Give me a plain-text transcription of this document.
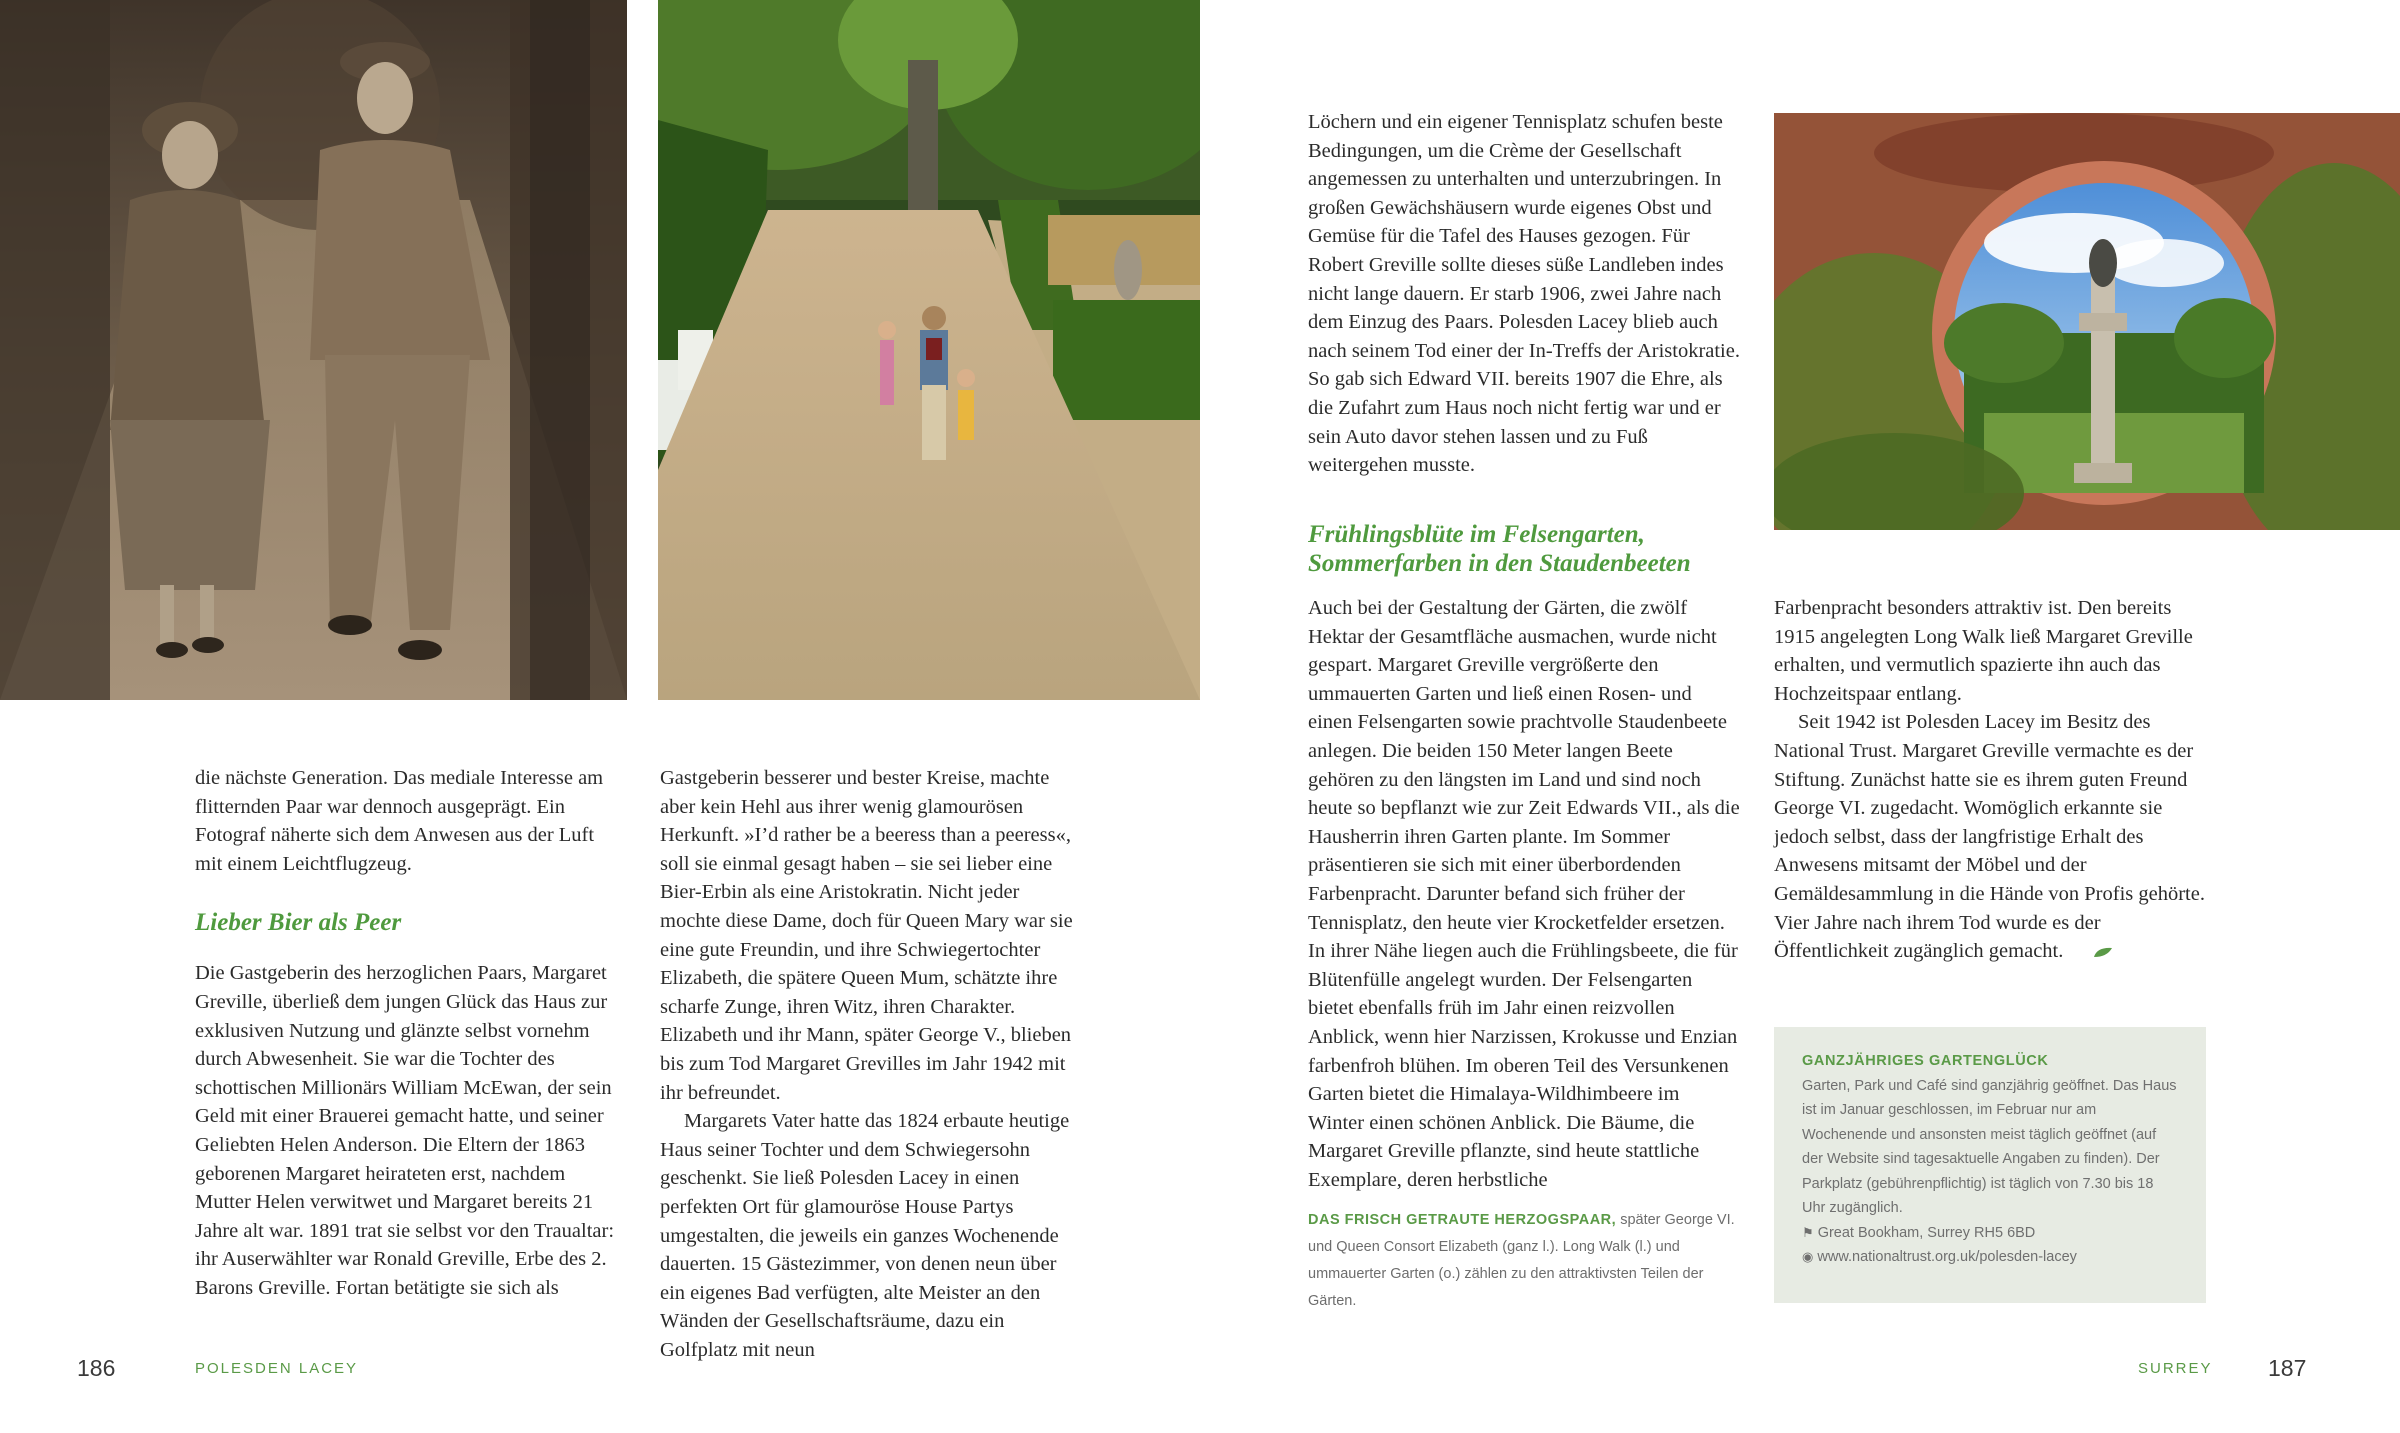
die nächste Generation. Das mediale Interesse am flitternden Paar war dennoch ausgeprägt. Ein Fotograf näherte sich dem Anwesen aus der Luft mit einem Leichtflugzeug.

Lieber Bier als Peer

Die Gastgeberin des herzoglichen Paars, Margaret Greville, überließ dem jungen Glück das Haus zur exklusiven Nutzung und glänzte selbst vornehm durch Abwesenheit. Sie war die Tochter des schottischen Millionärs William McEwan, der sein Geld mit einer Brauerei gemacht hatte, und seiner Geliebten Helen Anderson. Die Eltern der 1863 geborenen Margaret heirateten erst, nachdem Mutter Helen verwitwet und Margaret bereits 21 Jahre alt war. 1891 trat sie selbst vor den Traualtar: ihr Auserwählter war Ronald Greville, Erbe des 2. Barons Greville. Fortan betätigte sie sich als

Gastgeberin besserer und bester Kreise, machte aber kein Hehl aus ihrer wenig glamourösen Herkunft. »I’d rather be a beeress than a peeress«, soll sie einmal gesagt haben – sie sei lieber eine Bier-Erbin als eine Aristokratin. Nicht jeder mochte diese Dame, doch für Queen Mary war sie eine gute Freundin, und ihre Schwiegertochter Elizabeth, die spätere Queen Mum, schätzte ihre scharfe Zunge, ihren Witz, ihren Charakter. Elizabeth und ihr Mann, später George V., blieben bis zum Tod Margaret Grevilles im Jahr 1942 mit ihr befreundet.

Margarets Vater hatte das 1824 erbaute heutige Haus seiner Tochter und dem Schwiegersohn geschenkt. Sie ließ Polesden Lacey in einen perfekten Ort für glamouröse House Partys umgestalten, die jeweils ein ganzes Wochenende dauerten. 15 Gästezimmer, von denen neun über ein eigenes Bad verfügten, alte Meister an den Wänden der Gesellschaftsräume, dazu ein Golfplatz mit neun

186	POLESDEN LACEY

Löchern und ein eigener Tennisplatz schufen beste Bedingungen, um die Crème der Gesellschaft angemessen zu unterhalten und unterzubringen. In großen Gewächshäusern wurde eigenes Obst und Gemüse für die Tafel des Hauses gezogen. Für Robert Greville sollte dieses süße Landleben indes nicht lange dauern. Er starb 1906, zwei Jahre nach dem Einzug des Paars. Polesden Lacey blieb auch nach seinem Tod einer der In-Treffs der Aristokratie. So gab sich Edward VII. bereits 1907 die Ehre, als die Zufahrt zum Haus noch nicht fertig war und er sein Auto davor stehen lassen und zu Fuß weitergehen musste.

Frühlingsblüte im Felsengarten,
Sommerfarben in den Staudenbeeten

Auch bei der Gestaltung der Gärten, die zwölf Hektar der Gesamtfläche ausmachen, wurde nicht gespart. Margaret Greville vergrößerte den ummauerten Garten und ließ einen Rosen- und einen Felsengarten sowie prachtvolle Staudenbeete anlegen. Die beiden 150 Meter langen Beete gehören zu den längsten im Land und sind noch heute so bepflanzt wie zur Zeit Edwards VII., als die Hausherrin ihren Garten plante. Im Sommer präsentieren sie sich mit einer überbordenden Farbenpracht. Darunter befand sich früher der Tennisplatz, den heute vier Krocketfelder ersetzen. In ihrer Nähe liegen auch die Frühlingsbeete, die für Blütenfülle angelegt wurden. Der Felsengarten bietet ebenfalls früh im Jahr einen reizvollen Anblick, wenn hier Narzissen, Krokusse und Enzian farbenfroh blühen. Im oberen Teil des Versunkenen Garten bietet die Himalaya-Wildhimbeere im Winter einen schönen Anblick. Die Bäume, die Margaret Greville pflanzte, sind heute stattliche Exemplare, deren herbstliche

DAS FRISCH GETRAUTE HERZOGSPAAR, später George VI. und Queen Consort Elizabeth (ganz l.). Long Walk (l.) und ummauerter Garten (o.) zählen zu den attraktivsten Teilen der Gärten.

Farbenpracht besonders attraktiv ist. Den bereits 1915 angelegten Long Walk ließ Margaret Greville erhalten, und vermutlich spazierte ihn auch das Hochzeitspaar entlang.

Seit 1942 ist Polesden Lacey im Besitz des National Trust. Margaret Greville vermachte es der Stiftung. Zunächst hatte sie es ihrem guten Freund George VI. zugedacht. Womöglich erkannte sie jedoch selbst, dass der langfristige Erhalt des Anwesens mitsamt der Möbel und der Gemäldesammlung in die Hände von Profis gehörte. Vier Jahre nach ihrem Tod wurde es der Öffentlichkeit zugänglich gemacht.

GANZJÄHRIGES GARTENGLÜCK
Garten, Park und Café sind ganzjährig geöffnet. Das Haus ist im Januar geschlossen, im Februar nur am Wochenende und ansonsten meist täglich geöffnet (auf der Website sind tagesaktuelle Angaben zu finden). Der Parkplatz (gebührenpflichtig) ist täglich von 7.30 bis 18 Uhr zugänglich.
⚑ Great Bookham, Surrey RH5 6BD
◉ www.nationaltrust.org.uk/polesden-lacey
SURREY 187
